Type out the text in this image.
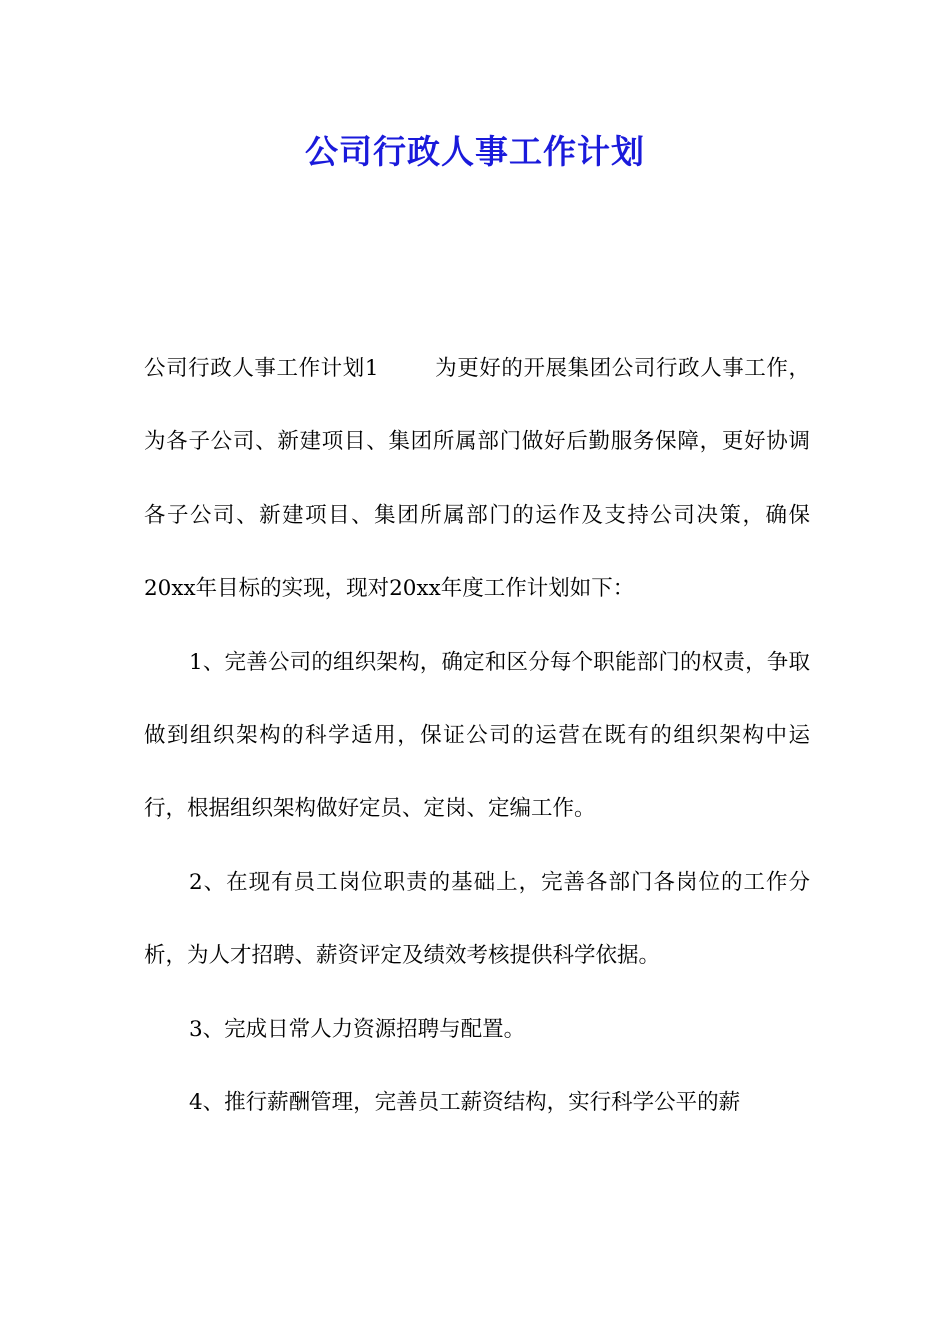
公司行政人事工作计划

公司行政人事工作计划1	为更好的开展集团公司行政人事工作，为各子公司、新建项目、集团所属部门做好后勤服务保障，更好协调各子公司、新建项目、集团所属部门的运作及支持公司决策，确保20xx年目标的实现，现对20xx年度工作计划如下：

1、完善公司的组织架构，确定和区分每个职能部门的权责，争取做到组织架构的科学适用，保证公司的运营在既有的组织架构中运行，根据组织架构做好定员、定岗、定编工作。

2、在现有员工岗位职责的基础上，完善各部门各岗位的工作分析，为人才招聘、薪资评定及绩效考核提供科学依据。

3、完成日常人力资源招聘与配置。

4、推行薪酬管理，完善员工薪资结构，实行科学公平的薪
